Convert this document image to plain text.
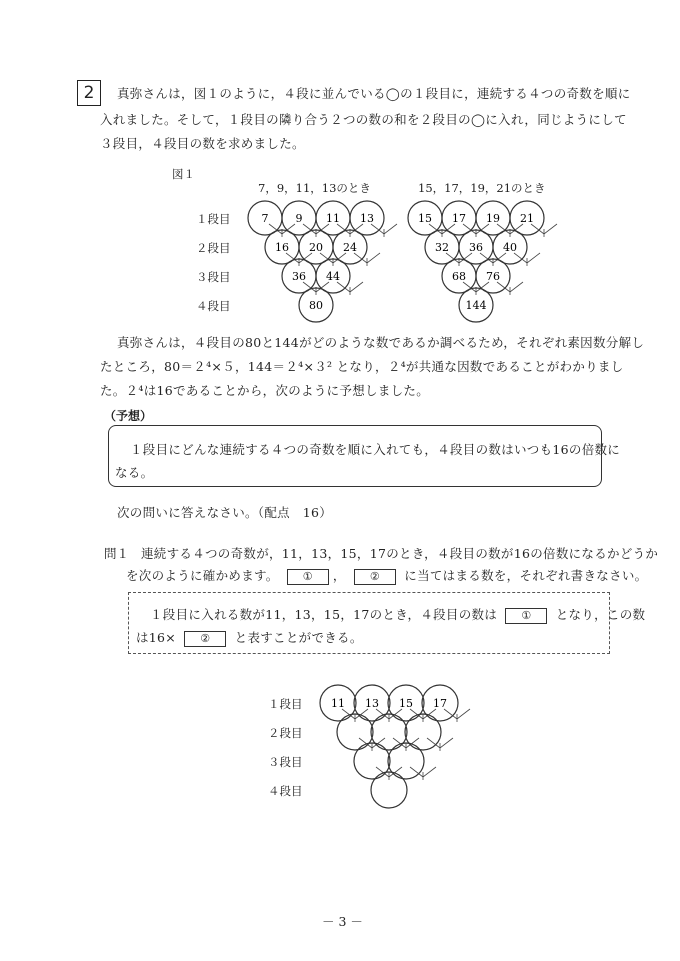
2	真弥さんは，図１のように，４段に並んでいる◯の１段目に，連続する４つの奇数を順に
入れました。そして，１段目の隣り合う２つの数の和を２段目の◯に入れ，同じようにして
３段目，４段目の数を求めました。
図１
7，9，11，13のとき	15，17，19，21のとき
１段目
２段目
３段目
４段目
真弥さんは，４段目の80と144がどのような数であるか調べるため，それぞれ素因数分解し
たところ，80＝２⁴×５，144＝２⁴×３² となり，２⁴が共通な因数であることがわかりまし
た。２⁴は16であることから，次のように予想しました。
（予想）
１段目にどんな連続する４つの奇数を順に入れても，４段目の数はいつも16の倍数に
なる。
次の問いに答えなさい。（配点　16）
問１ 連続する４つの奇数が，11，13，15，17のとき，４段目の数が16の倍数になるかどうか
を次のように確かめます。 ① ， ② に当てはまる数を，それぞれ書きなさい。
１段目に入れる数が11，13，15，17のとき，４段目の数は ① となり，この数
は16× ② と表すことができる。
１段目
２段目
３段目
４段目
7 9 11 13
16 20 24
36 44
80
15 17 19 21
32 36 40
68 76
144
11 13 15 17
－ 3 －
